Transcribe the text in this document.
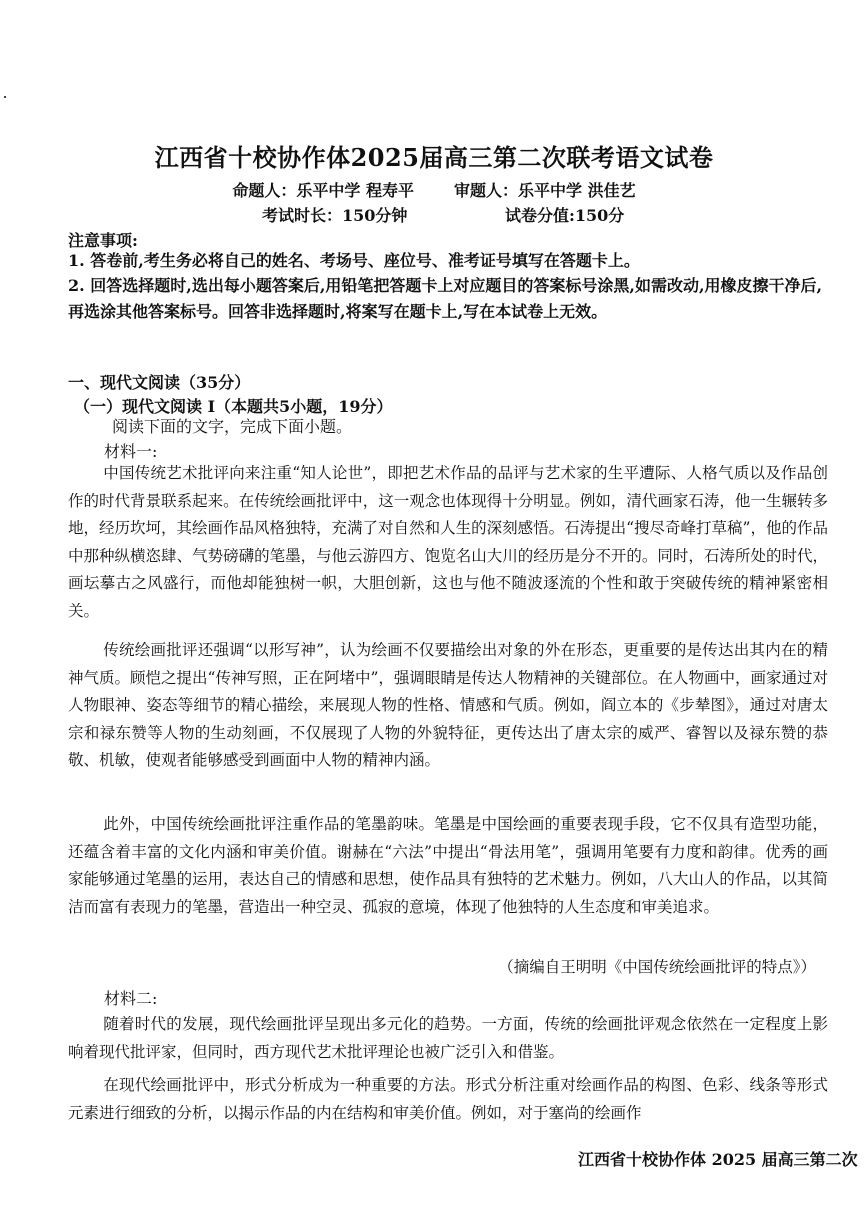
江西省十校协作体2025届高三第二次联考语文试卷
命题人：乐平中学 程寿平	审题人：乐平中学 洪佳艺
考试时长：150分钟	试卷分值:150分
注意事项:
1. 答卷前,考生务必将自己的姓名、考场号、座位号、准考证号填写在答题卡上。
2. 回答选择题时,选出每小题答案后,用铅笔把答题卡上对应题目的答案标号涂黑,如需改动,用橡皮擦干净后,再选涂其他答案标号。回答非选择题时,将案写在题卡上,写在本试卷上无效。
一、现代文阅读（35分）
（一）现代文阅读 I（本题共5小题，19分）
阅读下面的文字，完成下面小题。
材料一:
中国传统艺术批评向来注重“知人论世”，即把艺术作品的品评与艺术家的生平遭际、人格气质以及作品创作的时代背景联系起来。在传统绘画批评中，这一观念也体现得十分明显。例如，清代画家石涛，他一生辗转多地，经历坎坷，其绘画作品风格独特，充满了对自然和人生的深刻感悟。石涛提出“搜尽奇峰打草稿”，他的作品中那种纵横恣肆、气势磅礴的笔墨，与他云游四方、饱览名山大川的经历是分不开的。同时，石涛所处的时代，画坛摹古之风盛行，而他却能独树一帜，大胆创新，这也与他不随波逐流的个性和敢于突破传统的精神紧密相关。
传统绘画批评还强调“以形写神”，认为绘画不仅要描绘出对象的外在形态，更重要的是传达出其内在的精神气质。顾恺之提出“传神写照，正在阿堵中”，强调眼睛是传达人物精神的关键部位。在人物画中，画家通过对人物眼神、姿态等细节的精心描绘，来展现人物的性格、情感和气质。例如，阎立本的《步辇图》，通过对唐太宗和禄东赞等人物的生动刻画，不仅展现了人物的外貌特征，更传达出了唐太宗的威严、睿智以及禄东赞的恭敬、机敏，使观者能够感受到画面中人物的精神内涵。
此外，中国传统绘画批评注重作品的笔墨韵味。笔墨是中国绘画的重要表现手段，它不仅具有造型功能，还蕴含着丰富的文化内涵和审美价值。谢赫在“六法”中提出“骨法用笔”，强调用笔要有力度和韵律。优秀的画家能够通过笔墨的运用，表达自己的情感和思想，使作品具有独特的艺术魅力。例如，八大山人的作品，以其简洁而富有表现力的笔墨，营造出一种空灵、孤寂的意境，体现了他独特的人生态度和审美追求。
（摘编自王明明《中国传统绘画批评的特点》）
材料二:
随着时代的发展，现代绘画批评呈现出多元化的趋势。一方面，传统的绘画批评观念依然在一定程度上影响着现代批评家，但同时，西方现代艺术批评理论也被广泛引入和借鉴。
在现代绘画批评中，形式分析成为一种重要的方法。形式分析注重对绘画作品的构图、色彩、线条等形式元素进行细致的分析，以揭示作品的内在结构和审美价值。例如，对于塞尚的绘画作
江西省十校协作体 2025 届高三第二次
